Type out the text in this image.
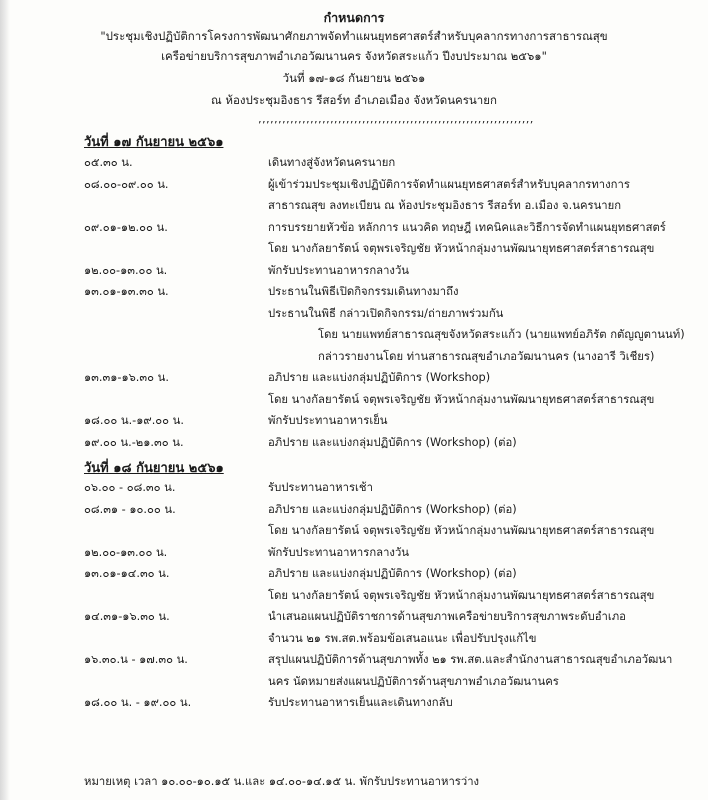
กำหนดการ
"ประชุมเชิงปฏิบัติการโครงการพัฒนาศักยภาพจัดทำแผนยุทธศาสตร์สำหรับบุคลากรทางการสาธารณสุข
เครือข่ายบริการสุขภาพอำเภอวัฒนานคร จังหวัดสระแก้ว ปีงบประมาณ ๒๕๖๑"
วันที่ ๑๗-๑๘ กันยายน ๒๕๖๑
ณ ห้องประชุมอิงธาร รีสอร์ท อำเภอเมือง จังหวัดนครนายก
’’’’’’’’’’’’’’’’’’’’’’’’’’’’’’’’’’’’’’’’’’’’’’’’’’’’’’’’’’’’’’’’’’’’’
วันที่ ๑๗ กันยายน ๒๕๖๑
๐๕.๓๐ น.	เดินทางสู่จังหวัดนครนายก
๐๘.๐๐-๐๙.๐๐ น.	ผู้เข้าร่วมประชุมเชิงปฏิบัติการจัดทำแผนยุทธศาสตร์สำหรับบุคลากรทางการ
สาธารณสุข ลงทะเบียน ณ ห้องประชุมอิงธาร รีสอร์ท อ.เมือง จ.นครนายก
๐๙.๐๑-๑๒.๐๐ น.	การบรรยายหัวข้อ หลักการ แนวคิด ทฤษฎี เทคนิคและวิธีการจัดทำแผนยุทธศาสตร์
โดย นางกัลยารัตน์ จตุพรเจริญชัย หัวหน้ากลุ่มงานพัฒนายุทธศาสตร์สาธารณสุข
๑๒.๐๐-๑๓.๐๐ น.	พักรับประทานอาหารกลางวัน
๑๓.๐๑-๑๓.๓๐ น.	ประธานในพิธีเปิดกิจกรรมเดินทางมาถึง
ประธานในพิธี กล่าวเปิดกิจกรรม/ถ่ายภาพร่วมกัน
โดย นายแพทย์สาธารณสุขจังหวัดสระแก้ว (นายแพทย์อภิรัต กตัญญูตานนท์)
กล่าวรายงานโดย ท่านสาธารณสุขอำเภอวัฒนานคร (นางอารี วิเชียร)
๑๓.๓๑-๑๖.๓๐ น.	อภิปราย และแบ่งกลุ่มปฏิบัติการ (Workshop)
โดย นางกัลยารัตน์ จตุพรเจริญชัย หัวหน้ากลุ่มงานพัฒนายุทธศาสตร์สาธารณสุข
๑๘.๐๐ น.-๑๙.๐๐ น.	พักรับประทานอาหารเย็น
๑๙.๐๐ น.-๒๑.๓๐ น.	อภิปราย และแบ่งกลุ่มปฏิบัติการ (Workshop) (ต่อ)
วันที่ ๑๘ กันยายน ๒๕๖๑
๐๖.๐๐ - ๐๘.๓๐ น.	รับประทานอาหารเช้า
๐๘.๓๑ - ๑๐.๐๐ น.	อภิปราย และแบ่งกลุ่มปฏิบัติการ (Workshop) (ต่อ)
โดย นางกัลยารัตน์ จตุพรเจริญชัย หัวหน้ากลุ่มงานพัฒนายุทธศาสตร์สาธารณสุข
๑๒.๐๐-๑๓.๐๐ น.	พักรับประทานอาหารกลางวัน
๑๓.๐๑-๑๔.๓๐ น.	อภิปราย และแบ่งกลุ่มปฏิบัติการ (Workshop) (ต่อ)
โดย นางกัลยารัตน์ จตุพรเจริญชัย หัวหน้ากลุ่มงานพัฒนายุทธศาสตร์สาธารณสุข
๑๔.๓๑-๑๖.๓๐ น.	นำเสนอแผนปฏิบัติราชการด้านสุขภาพเครือข่ายบริการสุขภาพระดับอำเภอ
จำนวน ๒๑ รพ.สต.พร้อมข้อเสนอแนะ เพื่อปรับปรุงแก้ไข
๑๖.๓๐.น - ๑๗.๓๐ น.	สรุปแผนปฏิบัติการด้านสุขภาพทั้ง ๒๑ รพ.สต.และสำนักงานสาธารณสุขอำเภอวัฒนา
นคร นัดหมายส่งแผนปฏิบัติการด้านสุขภาพอำเภอวัฒนานคร
๑๘.๐๐ น. - ๑๙.๐๐ น.	รับประทานอาหารเย็นและเดินทางกลับ
หมายเหตุ เวลา ๑๐.๐๐-๑๐.๑๕ น.และ ๑๔.๐๐-๑๔.๑๕ น. พักรับประทานอาหารว่าง
